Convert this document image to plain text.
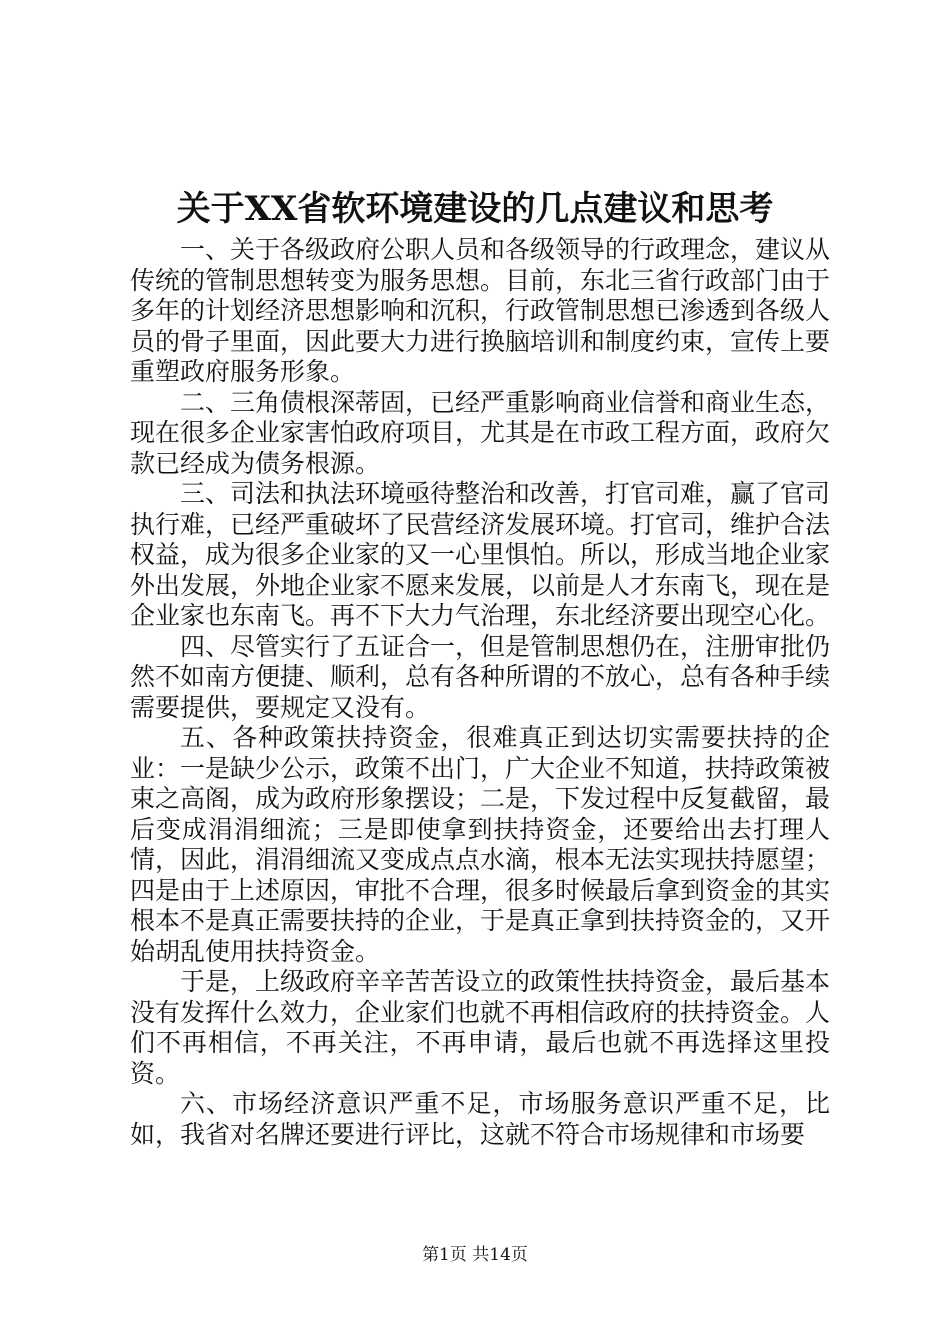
关于XX省软环境建设的几点建议和思考

一、关于各级政府公职人员和各级领导的行政理念，建议从传统的管制思想转变为服务思想。目前，东北三省行政部门由于多年的计划经济思想影响和沉积，行政管制思想已渗透到各级人员的骨子里面，因此要大力进行换脑培训和制度约束，宣传上要重塑政府服务形象。

二、三角债根深蒂固，已经严重影响商业信誉和商业生态，现在很多企业家害怕政府项目，尤其是在市政工程方面，政府欠款已经成为债务根源。

三、司法和执法环境亟待整治和改善，打官司难，赢了官司执行难，已经严重破坏了民营经济发展环境。打官司，维护合法权益，成为很多企业家的又一心里惧怕。所以，形成当地企业家外出发展，外地企业家不愿来发展，以前是人才东南飞，现在是企业家也东南飞。再不下大力气治理，东北经济要出现空心化。

四、尽管实行了五证合一，但是管制思想仍在，注册审批仍然不如南方便捷、顺利，总有各种所谓的不放心，总有各种手续需要提供，要规定又没有。

五、各种政策扶持资金，很难真正到达切实需要扶持的企业：一是缺少公示，政策不出门，广大企业不知道，扶持政策被束之高阁，成为政府形象摆设；二是，下发过程中反复截留，最后变成涓涓细流；三是即使拿到扶持资金，还要给出去打理人情，因此，涓涓细流又变成点点水滴，根本无法实现扶持愿望；四是由于上述原因，审批不合理，很多时候最后拿到资金的其实根本不是真正需要扶持的企业，于是真正拿到扶持资金的，又开始胡乱使用扶持资金。

于是，上级政府辛辛苦苦设立的政策性扶持资金，最后基本没有发挥什么效力，企业家们也就不再相信政府的扶持资金。人们不再相信，不再关注，不再申请，最后也就不再选择这里投资。

六、市场经济意识严重不足，市场服务意识严重不足，比如，我省对名牌还要进行评比，这就不符合市场规律和市场要

第1页 共14页
